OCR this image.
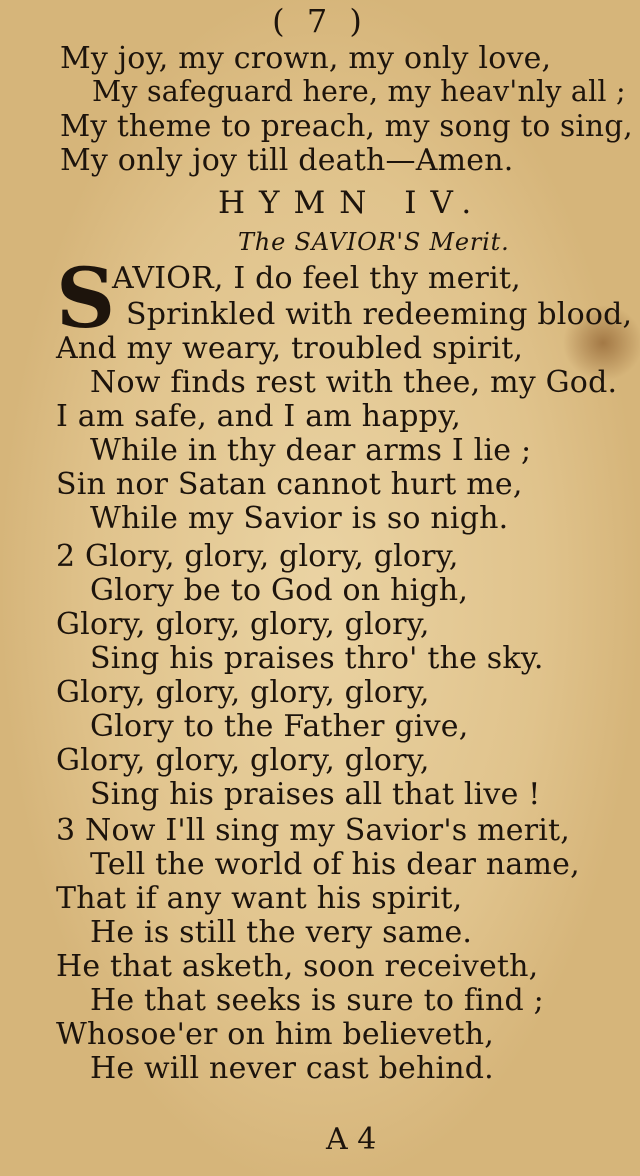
( 7 )
My joy, my crown, my only love,
My safeguard here, my heav'nly all ;
My theme to preach, my song to sing,
My only joy till death—Amen.
HYMN IV.
The SAVIOR'S Merit.
S
AVIOR, I do feel thy merit,
Sprinkled with redeeming blood,
And my weary, troubled spirit,
Now finds rest with thee, my God.
I am safe, and I am happy,
While in thy dear arms I lie ;
Sin nor Satan cannot hurt me,
While my Savior is so nigh.
2 Glory, glory, glory, glory,
Glory be to God on high,
Glory, glory, glory, glory,
Sing his praises thro' the sky.
Glory, glory, glory, glory,
Glory to the Father give,
Glory, glory, glory, glory,
Sing his praises all that live !
3 Now I'll sing my Savior's merit,
Tell the world of his dear name,
That if any want his spirit,
He is still the very same.
He that asketh, soon receiveth,
He that seeks is sure to find ;
Whosoe'er on him believeth,
He will never cast behind.
A 4
